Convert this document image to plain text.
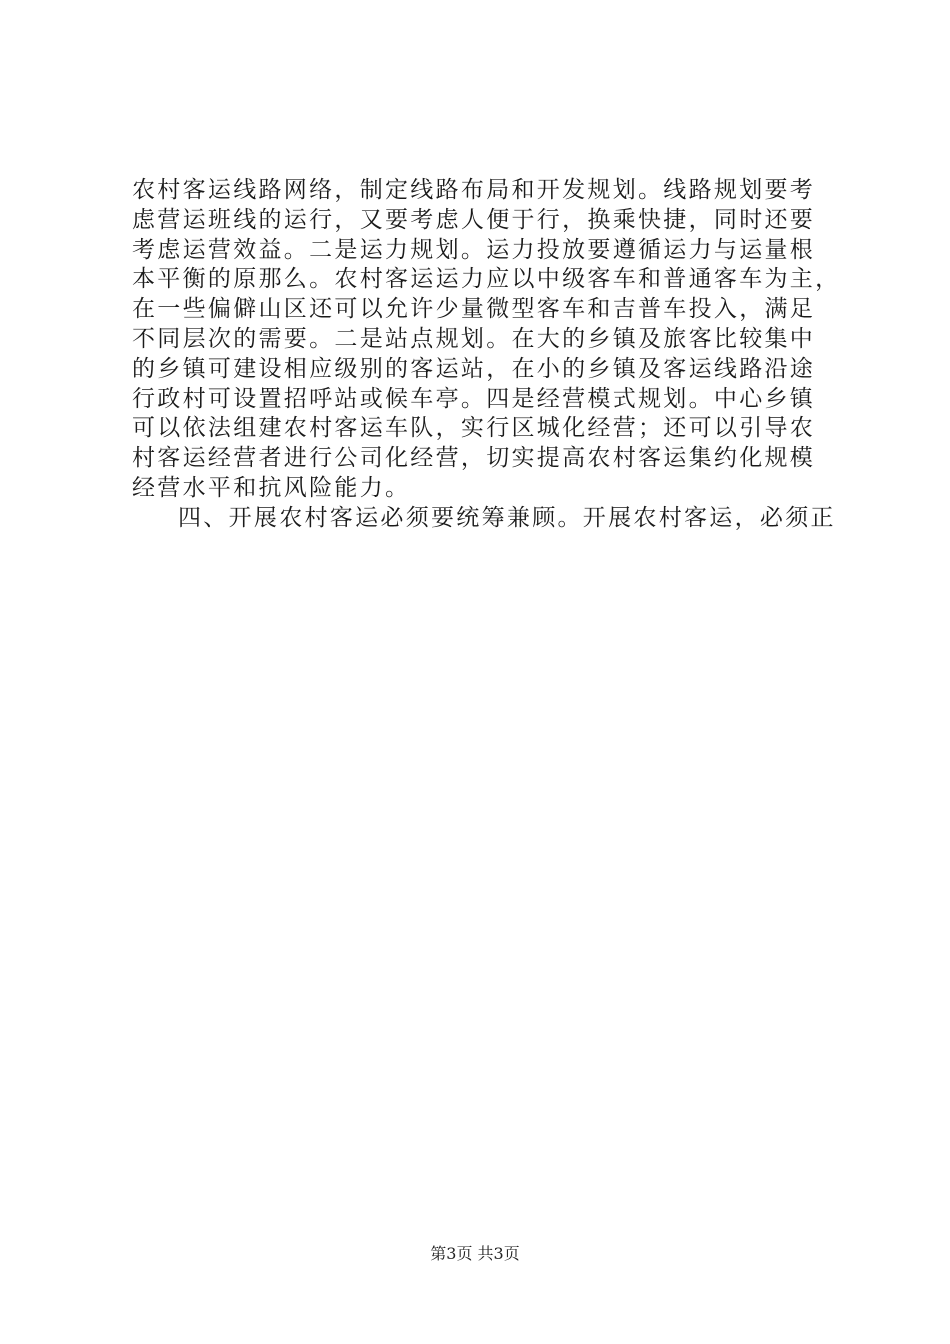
农村客运线路网络，制定线路布局和开发规划。线路规划要考
虑营运班线的运行，又要考虑人便于行，换乘快捷，同时还要
考虑运营效益。二是运力规划。运力投放要遵循运力与运量根
本平衡的原那么。农村客运运力应以中级客车和普通客车为主，
在一些偏僻山区还可以允许少量微型客车和吉普车投入，满足
不同层次的需要。二是站点规划。在大的乡镇及旅客比较集中
的乡镇可建设相应级别的客运站，在小的乡镇及客运线路沿途
行政村可设置招呼站或候车亭。四是经营模式规划。中心乡镇
可以依法组建农村客运车队，实行区城化经营；还可以引导农
村客运经营者进行公司化经营，切实提高农村客运集约化规模
经营水平和抗风险能力。
四、开展农村客运必须要统筹兼顾。开展农村客运，必须正
第3页 共3页
